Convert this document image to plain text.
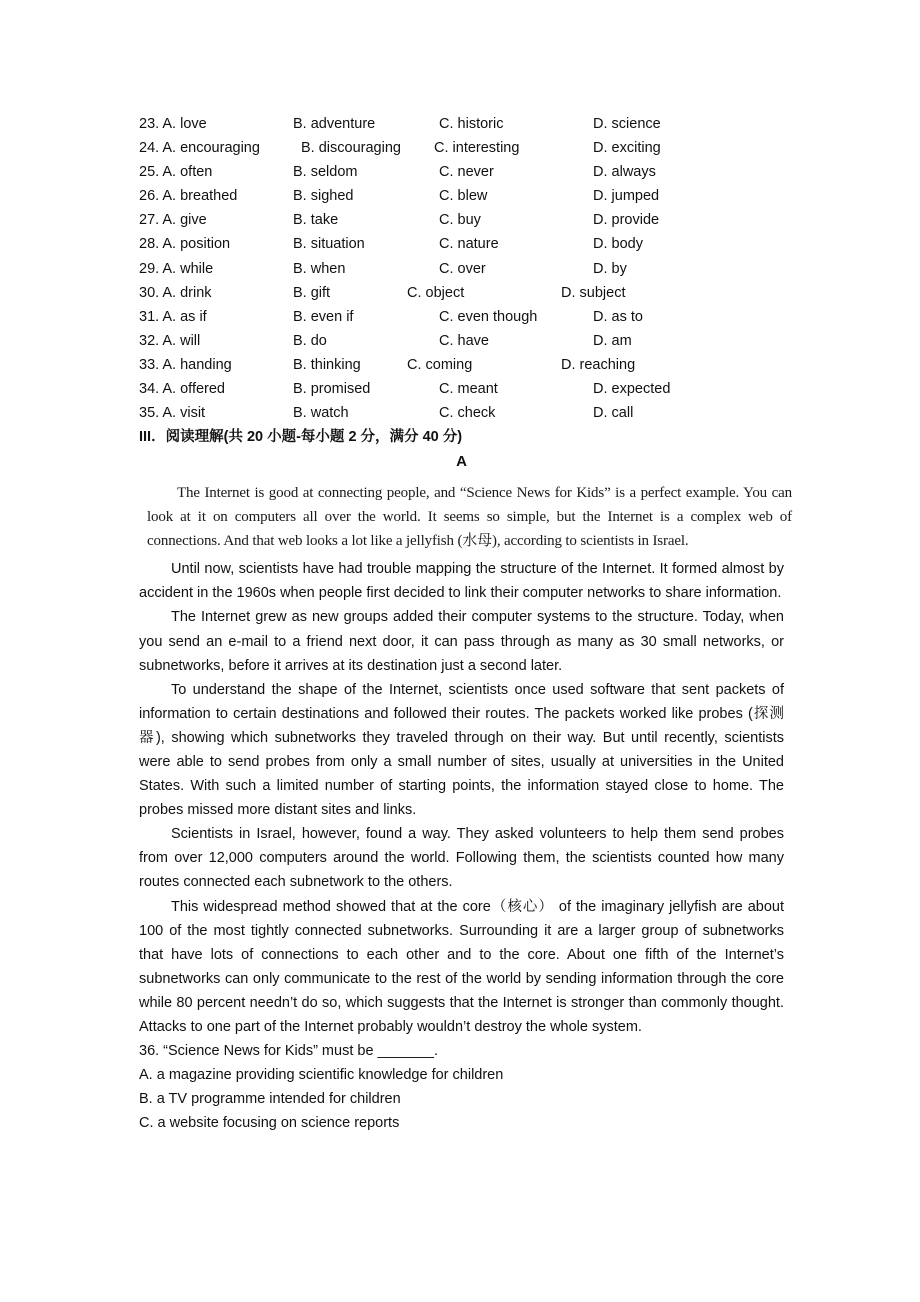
23. A. love	B. adventure	C. historic	D. science
24. A. encouraging	B. discouraging C. interesting	D. exciting
25. A. often	B. seldom	C. never	D. always
26. A. breathed	B. sighed	C. blew	D. jumped
27. A. give	B. take	C. buy	D. provide
28. A. position	B. situation	C. nature	D. body
29. A. while	B. when	C. over	D. by
30. A. drink	B. gift	C. object	D. subject
31. A. as if	B. even if	C. even though	D. as to
32. A. will	B. do	C. have	D. am
33. A. handing	B. thinking	C. coming	D. reaching
34. A. offered	B. promised	C. meant	D. expected
35. A. visit	B. watch	C. check	D. call
III．阅读理解(共 20 小题-每小题 2 分，满分 40 分)
A
The Internet is good at connecting people, and “Science News for Kids” is a perfect example. You can look at it on computers all over the world. It seems so simple, but the Internet is a complex web of connections. And that web looks a lot like a jellyfish (水母), according to scientists in Israel.

Until now, scientists have had trouble mapping the structure of the Internet. It formed almost by accident in the 1960s when people first decided to link their computer networks to share information.

The Internet grew as new groups added their computer systems to the structure. Today, when you send an e-mail to a friend next door, it can pass through as many as 30 small networks, or subnetworks, before it arrives at its destination just a second later.

To understand the shape of the Internet, scientists once used software that sent packets of information to certain destinations and followed their routes. The packets worked like probes (探测器), showing which subnetworks they traveled through on their way. But until recently, scientists were able to send probes from only a small number of sites, usually at universities in the United States. With such a limited number of starting points, the information stayed close to home. The probes missed more distant sites and links.

Scientists in Israel, however, found a way. They asked volunteers to help them send probes from over 12,000 computers around the world. Following them, the scientists counted how many routes connected each subnetwork to the others.

This widespread method showed that at the core（核心） of the imaginary jellyfish are about 100 of the most tightly connected subnetworks. Surrounding it are a larger group of subnetworks that have lots of connections to each other and to the core. About one fifth of the Internet’s subnetworks can only communicate to the rest of the world by sending information through the core while 80 percent needn’t do so, which suggests that the Internet is stronger than commonly thought. Attacks to one part of the Internet probably wouldn’t destroy the whole system.

36. “Science News for Kids” must be _______.

A. a magazine providing scientific knowledge for children

B. a TV programme intended for children

C. a website focusing on science reports
